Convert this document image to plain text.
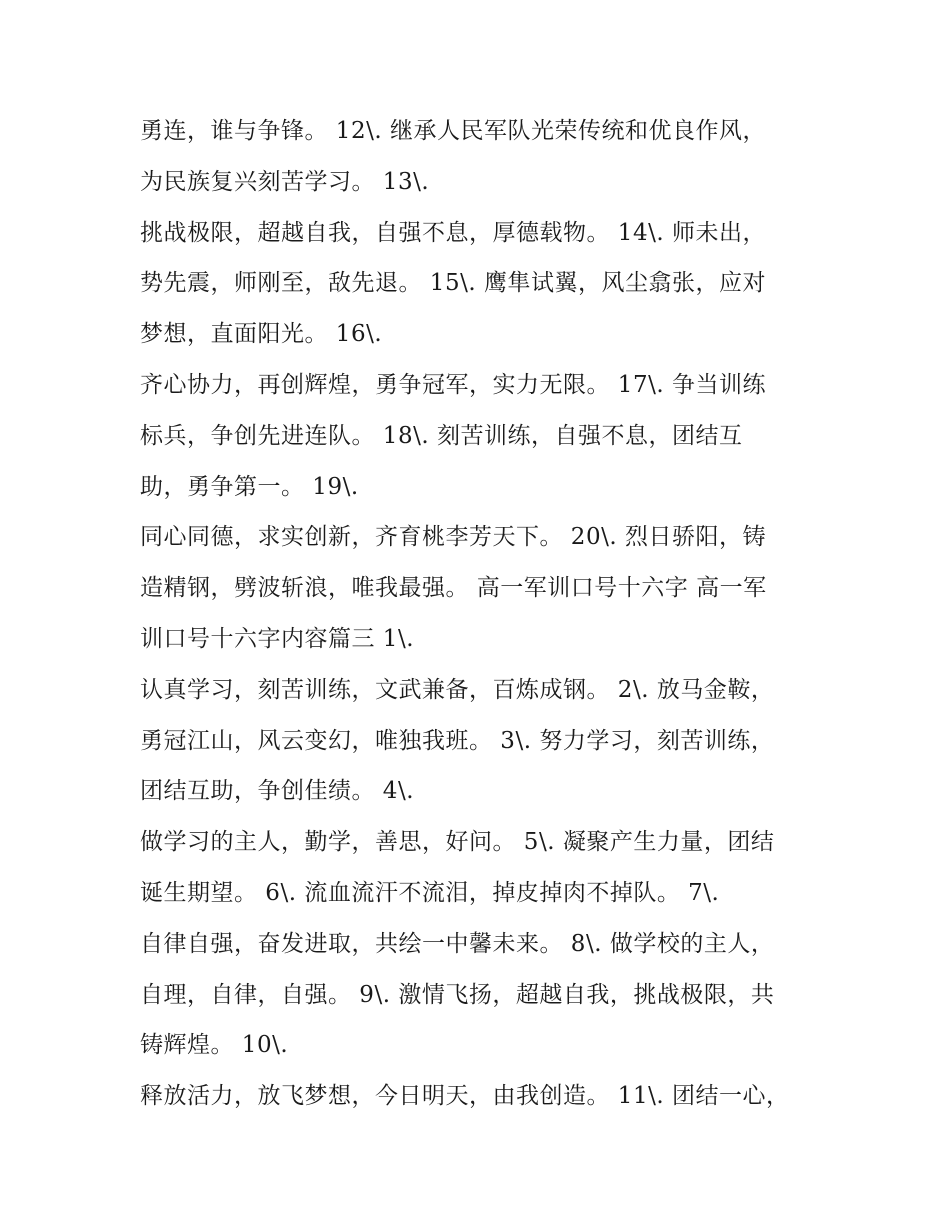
勇连，谁与争锋。 12\. 继承人民军队光荣传统和优良作风，
为民族复兴刻苦学习。 13\.
挑战极限，超越自我，自强不息，厚德载物。 14\. 师未出，
势先震，师刚至，敌先退。 15\. 鹰隼试翼，风尘翕张，应对
梦想，直面阳光。 16\.
齐心协力，再创辉煌，勇争冠军，实力无限。 17\. 争当训练
标兵，争创先进连队。 18\. 刻苦训练，自强不息，团结互
助，勇争第一。 19\.
同心同德，求实创新，齐育桃李芳天下。 20\. 烈日骄阳，铸
造精钢，劈波斩浪，唯我最强。 高一军训口号十六字 高一军
训口号十六字内容篇三 1\.
认真学习，刻苦训练，文武兼备，百炼成钢。 2\. 放马金鞍，
勇冠江山，风云变幻，唯独我班。 3\. 努力学习，刻苦训练，
团结互助，争创佳绩。 4\.
做学习的主人，勤学，善思，好问。 5\. 凝聚产生力量，团结
诞生期望。 6\. 流血流汗不流泪，掉皮掉肉不掉队。 7\.
自律自强，奋发进取，共绘一中馨未来。 8\. 做学校的主人，
自理，自律，自强。 9\. 激情飞扬，超越自我，挑战极限，共
铸辉煌。 10\.
释放活力，放飞梦想，今日明天，由我创造。 11\. 团结一心，
